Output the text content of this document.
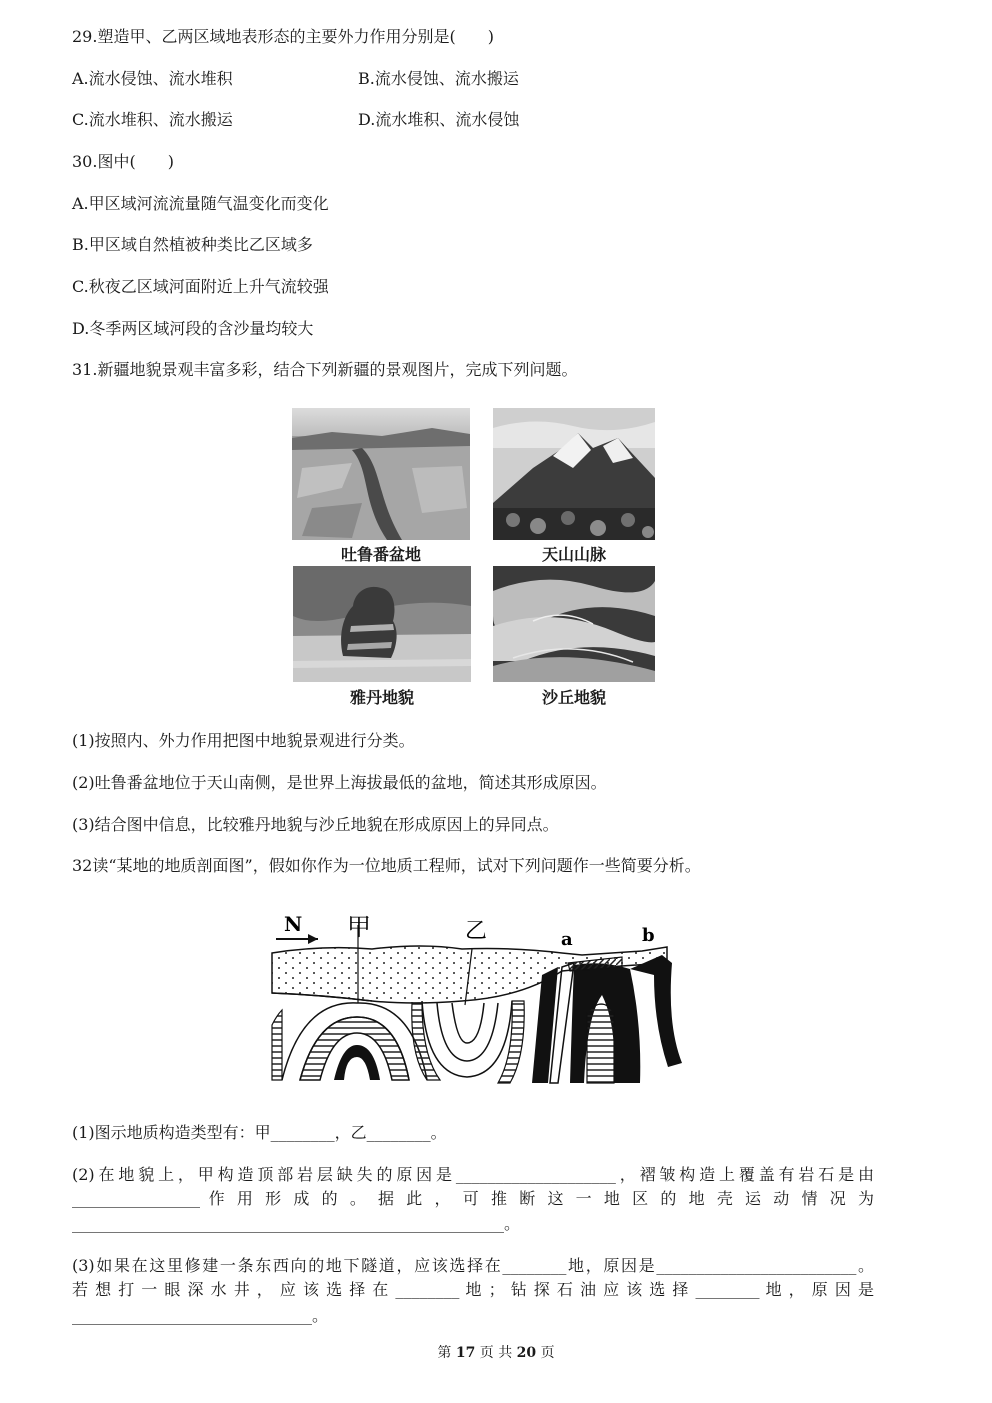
29.塑造甲、乙两区域地表形态的主要外力作用分别是(　　)
A.流水侵蚀、流水堆积	B.流水侵蚀、流水搬运
C.流水堆积、流水搬运	D.流水堆积、流水侵蚀
30.图中(　　)
A.甲区域河流流量随气温变化而变化
B.甲区域自然植被种类比乙区域多
C.秋夜乙区域河面附近上升气流较强
D.冬季两区域河段的含沙量均较大
31.新疆地貌景观丰富多彩，结合下列新疆的景观图片，完成下列问题。
吐鲁番盆地	天山山脉
雅丹地貌	沙丘地貌
(1)按照内、外力作用把图中地貌景观进行分类。
(2)吐鲁番盆地位于天山南侧，是世界上海拔最低的盆地，简述其形成原因。
(3)结合图中信息，比较雅丹地貌与沙丘地貌在形成原因上的异同点。
32读“某地的地质剖面图”，假如你作为一位地质工程师，试对下列问题作一些简要分析。
N 甲	乙	a	b
(1)图示地质构造类型有：甲________，乙________。
(2)在地貌上，甲构造顶部岩层缺失的原因是____________________，褶皱构造上覆盖有岩石是由
________________ 作 用 形 成 的 。 据 此 ， 可 推 断 这 一 地 区 的 地 壳 运 动 情 况 为
______________________________________________________。
(3)如果在这里修建一条东西向的地下隧道，应该选择在________地，原因是_________________________。
若 想 打 一 眼 深 水 井 ， 应 该 选 择 在 ________ 地 ； 钻 探 石 油 应 该 选 择 ________ 地 ， 原 因 是
______________________________。
第 17 页 共 20 页
